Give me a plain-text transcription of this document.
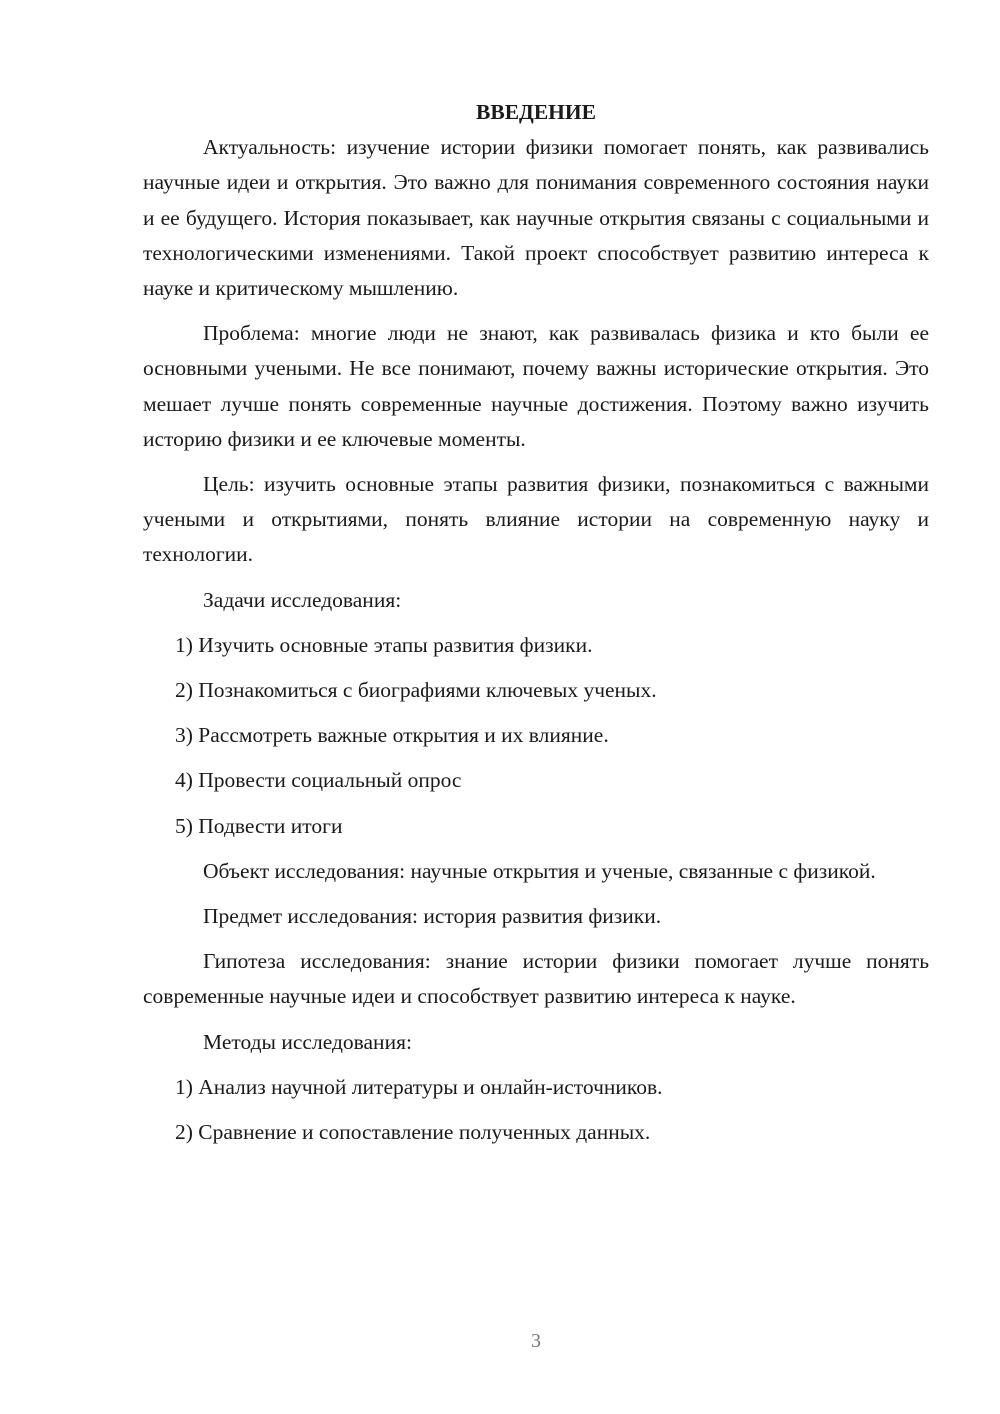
ВВЕДЕНИЕ

Актуальность: изучение истории физики помогает понять, как развивались научные идеи и открытия. Это важно для понимания современного состояния науки и ее будущего. История показывает, как научные открытия связаны с социальными и технологическими изменениями. Такой проект способствует развитию интереса к науке и критическому мышлению.

Проблема: многие люди не знают, как развивалась физика и кто были ее основными учеными. Не все понимают, почему важны исторические открытия. Это мешает лучше понять современные научные достижения. Поэтому важно изучить историю физики и ее ключевые моменты.

Цель: изучить основные этапы развития физики, познакомиться с важными учеными и открытиями, понять влияние истории на современную науку и технологии.

Задачи исследования:

1) Изучить основные этапы развития физики.
2) Познакомиться с биографиями ключевых ученых.
3) Рассмотреть важные открытия и их влияние.
4) Провести социальный опрос
5) Подвести итоги

Объект исследования: научные открытия и ученые, связанные с физикой.

Предмет исследования: история развития физики.

Гипотеза исследования: знание истории физики помогает лучше понять современные научные идеи и способствует развитию интереса к науке.

Методы исследования:

1) Анализ научной литературы и онлайн-источников.
2) Сравнение и сопоставление полученных данных.
3
